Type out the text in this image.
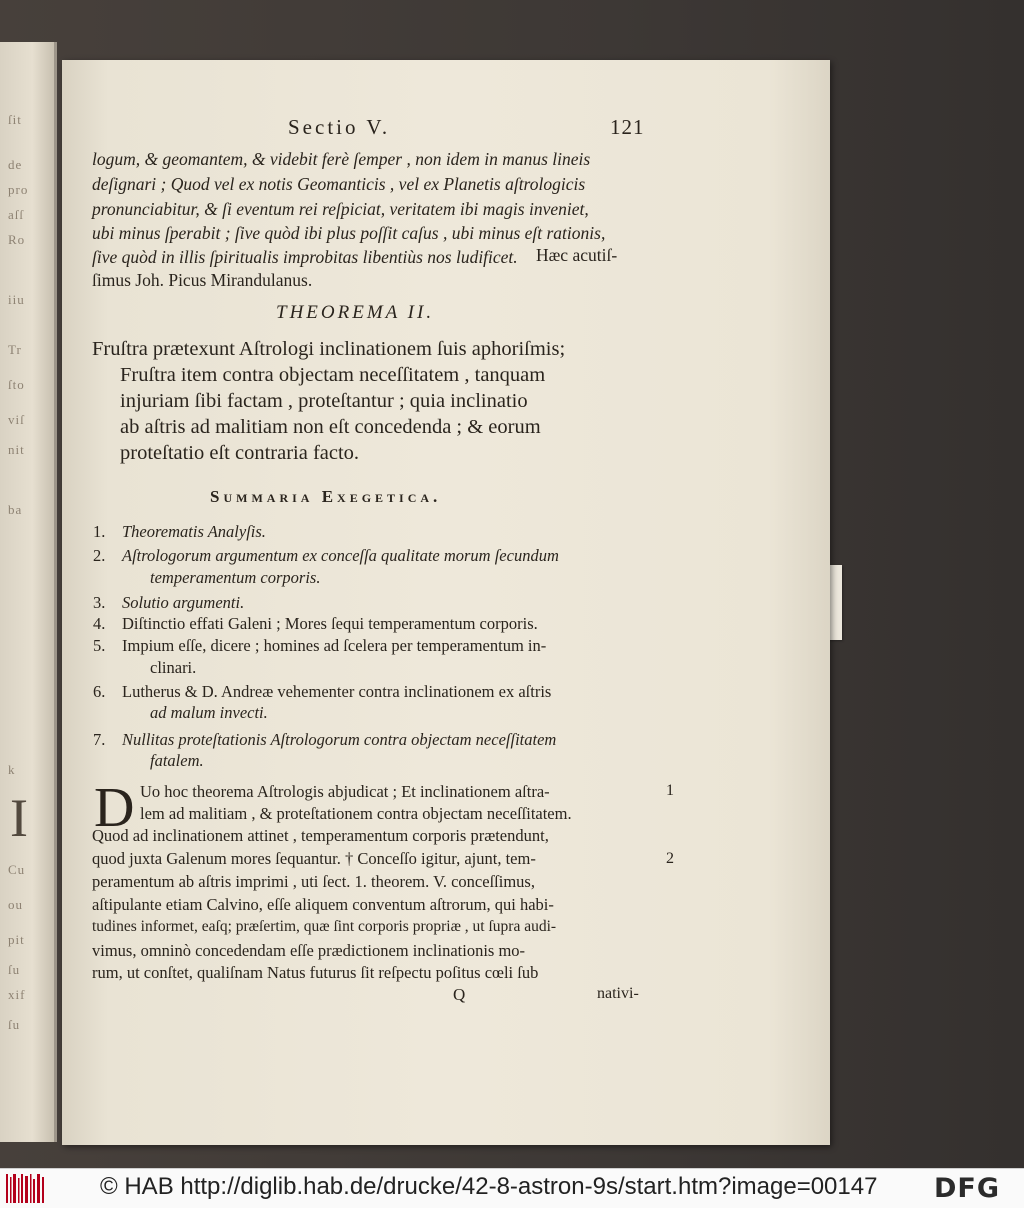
ſit
de
pro
aſſ
Ro
iiu
Tr
ſto
viſ
nit
ba
k
I
Cu
ou
pit
ſu
xif
ſu
Sectio V.	121
logum, & geomantem, & videbit ferè ſemper , non idem in manus lineis
deſignari ; Quod vel ex notis Geomanticis , vel ex Planetis aſtrologicis
pronunciabitur, & ſi eventum rei reſpiciat, veritatem ibi magis inveniet,
ubi minus ſperabit ; ſive quòd ibi plus poſſit caſus , ubi minus eſt rationis,
ſive quòd in illis ſpiritualis improbitas libentiùs nos ludificet. Hæc acutiſ-
ſimus Joh. Picus Mirandulanus.
THEOREMA II.
Fruſtra prætexunt Aſtrologi inclinationem ſuis aphoriſmis;
Fruſtra item contra objectam neceſſitatem , tanquam
injuriam ſibi factam , proteſtantur ; quia inclinatio
ab aſtris ad malitiam non eſt concedenda ; & eorum
proteſtatio eſt contraria facto.
Summaria Exegetica.
1. Theorematis Analyſis.
2. Aſtrologorum argumentum ex conceſſa qualitate morum ſecundum
temperamentum corporis.
3. Solutio argumenti.
4. Diſtinctio effati Galeni ; Mores ſequi temperamentum corporis.
5. Impium eſſe, dicere ; homines ad ſcelera per temperamentum in-
clinari.
6. Lutherus & D. Andreæ vehementer contra inclinationem ex aſtris
ad malum invecti.
7. Nullitas proteſtationis Aſtrologorum contra objectam neceſſitatem
fatalem.
D Uo hoc theorema Aſtrologis abjudicat ; Et inclinationem aſtra-
lem ad malitiam , & proteſtationem contra objectam neceſſitatem.
Quod ad inclinationem attinet , temperamentum corporis prætendunt,
quod juxta Galenum mores ſequantur. † Conceſſo igitur, ajunt, tem-
peramentum ab aſtris imprimi , uti ſect. 1. theorem. V. conceſſimus,
aſtipulante etiam Calvino, eſſe aliquem conventum aſtrorum, qui habi-
tudines informet, eaſq; præſertim, quæ ſint corporis propriæ , ut ſupra audi-
vimus, omninò concedendam eſſe prædictionem inclinationis mo-
rum, ut conſtet, qualiſnam Natus futurus ſit reſpectu poſitus cœli ſub
1
2
Q	nativi-
© HAB http://diglib.hab.de/drucke/42-8-astron-9s/start.htm?image=00147 DFG
